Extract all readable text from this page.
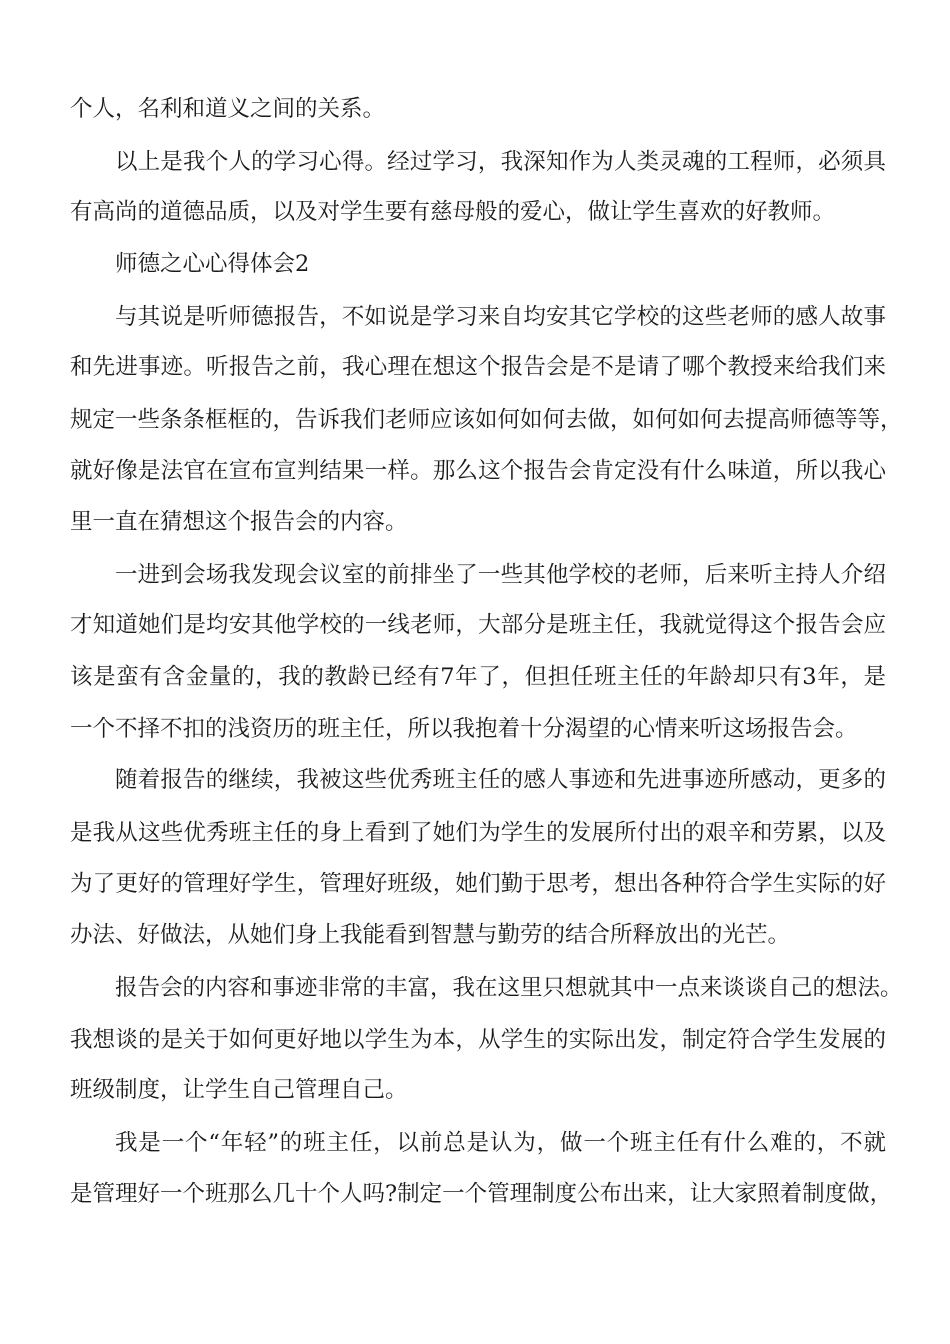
个人，名利和道义之间的关系。
以上是我个人的学习心得。经过学习，我深知作为人类灵魂的工程师，必须具
有高尚的道德品质，以及对学生要有慈母般的爱心，做让学生喜欢的好教师。
师德之心心得体会2
与其说是听师德报告，不如说是学习来自均安其它学校的这些老师的感人故事
和先进事迹。听报告之前，我心理在想这个报告会是不是请了哪个教授来给我们来
规定一些条条框框的，告诉我们老师应该如何如何去做，如何如何去提高师德等等，
就好像是法官在宣布宣判结果一样。那么这个报告会肯定没有什么味道，所以我心
里一直在猜想这个报告会的内容。
一进到会场我发现会议室的前排坐了一些其他学校的老师，后来听主持人介绍
才知道她们是均安其他学校的一线老师，大部分是班主任，我就觉得这个报告会应
该是蛮有含金量的，我的教龄已经有7年了，但担任班主任的年龄却只有3年，是
一个不择不扣的浅资历的班主任，所以我抱着十分渴望的心情来听这场报告会。
随着报告的继续，我被这些优秀班主任的感人事迹和先进事迹所感动，更多的
是我从这些优秀班主任的身上看到了她们为学生的发展所付出的艰辛和劳累，以及
为了更好的管理好学生，管理好班级，她们勤于思考，想出各种符合学生实际的好
办法、好做法，从她们身上我能看到智慧与勤劳的结合所释放出的光芒。
报告会的内容和事迹非常的丰富，我在这里只想就其中一点来谈谈自己的想法。
我想谈的是关于如何更好地以学生为本，从学生的实际出发，制定符合学生发展的
班级制度，让学生自己管理自己。
我是一个“年轻”的班主任，以前总是认为，做一个班主任有什么难的，不就
是管理好一个班那么几十个人吗?制定一个管理制度公布出来，让大家照着制度做，
